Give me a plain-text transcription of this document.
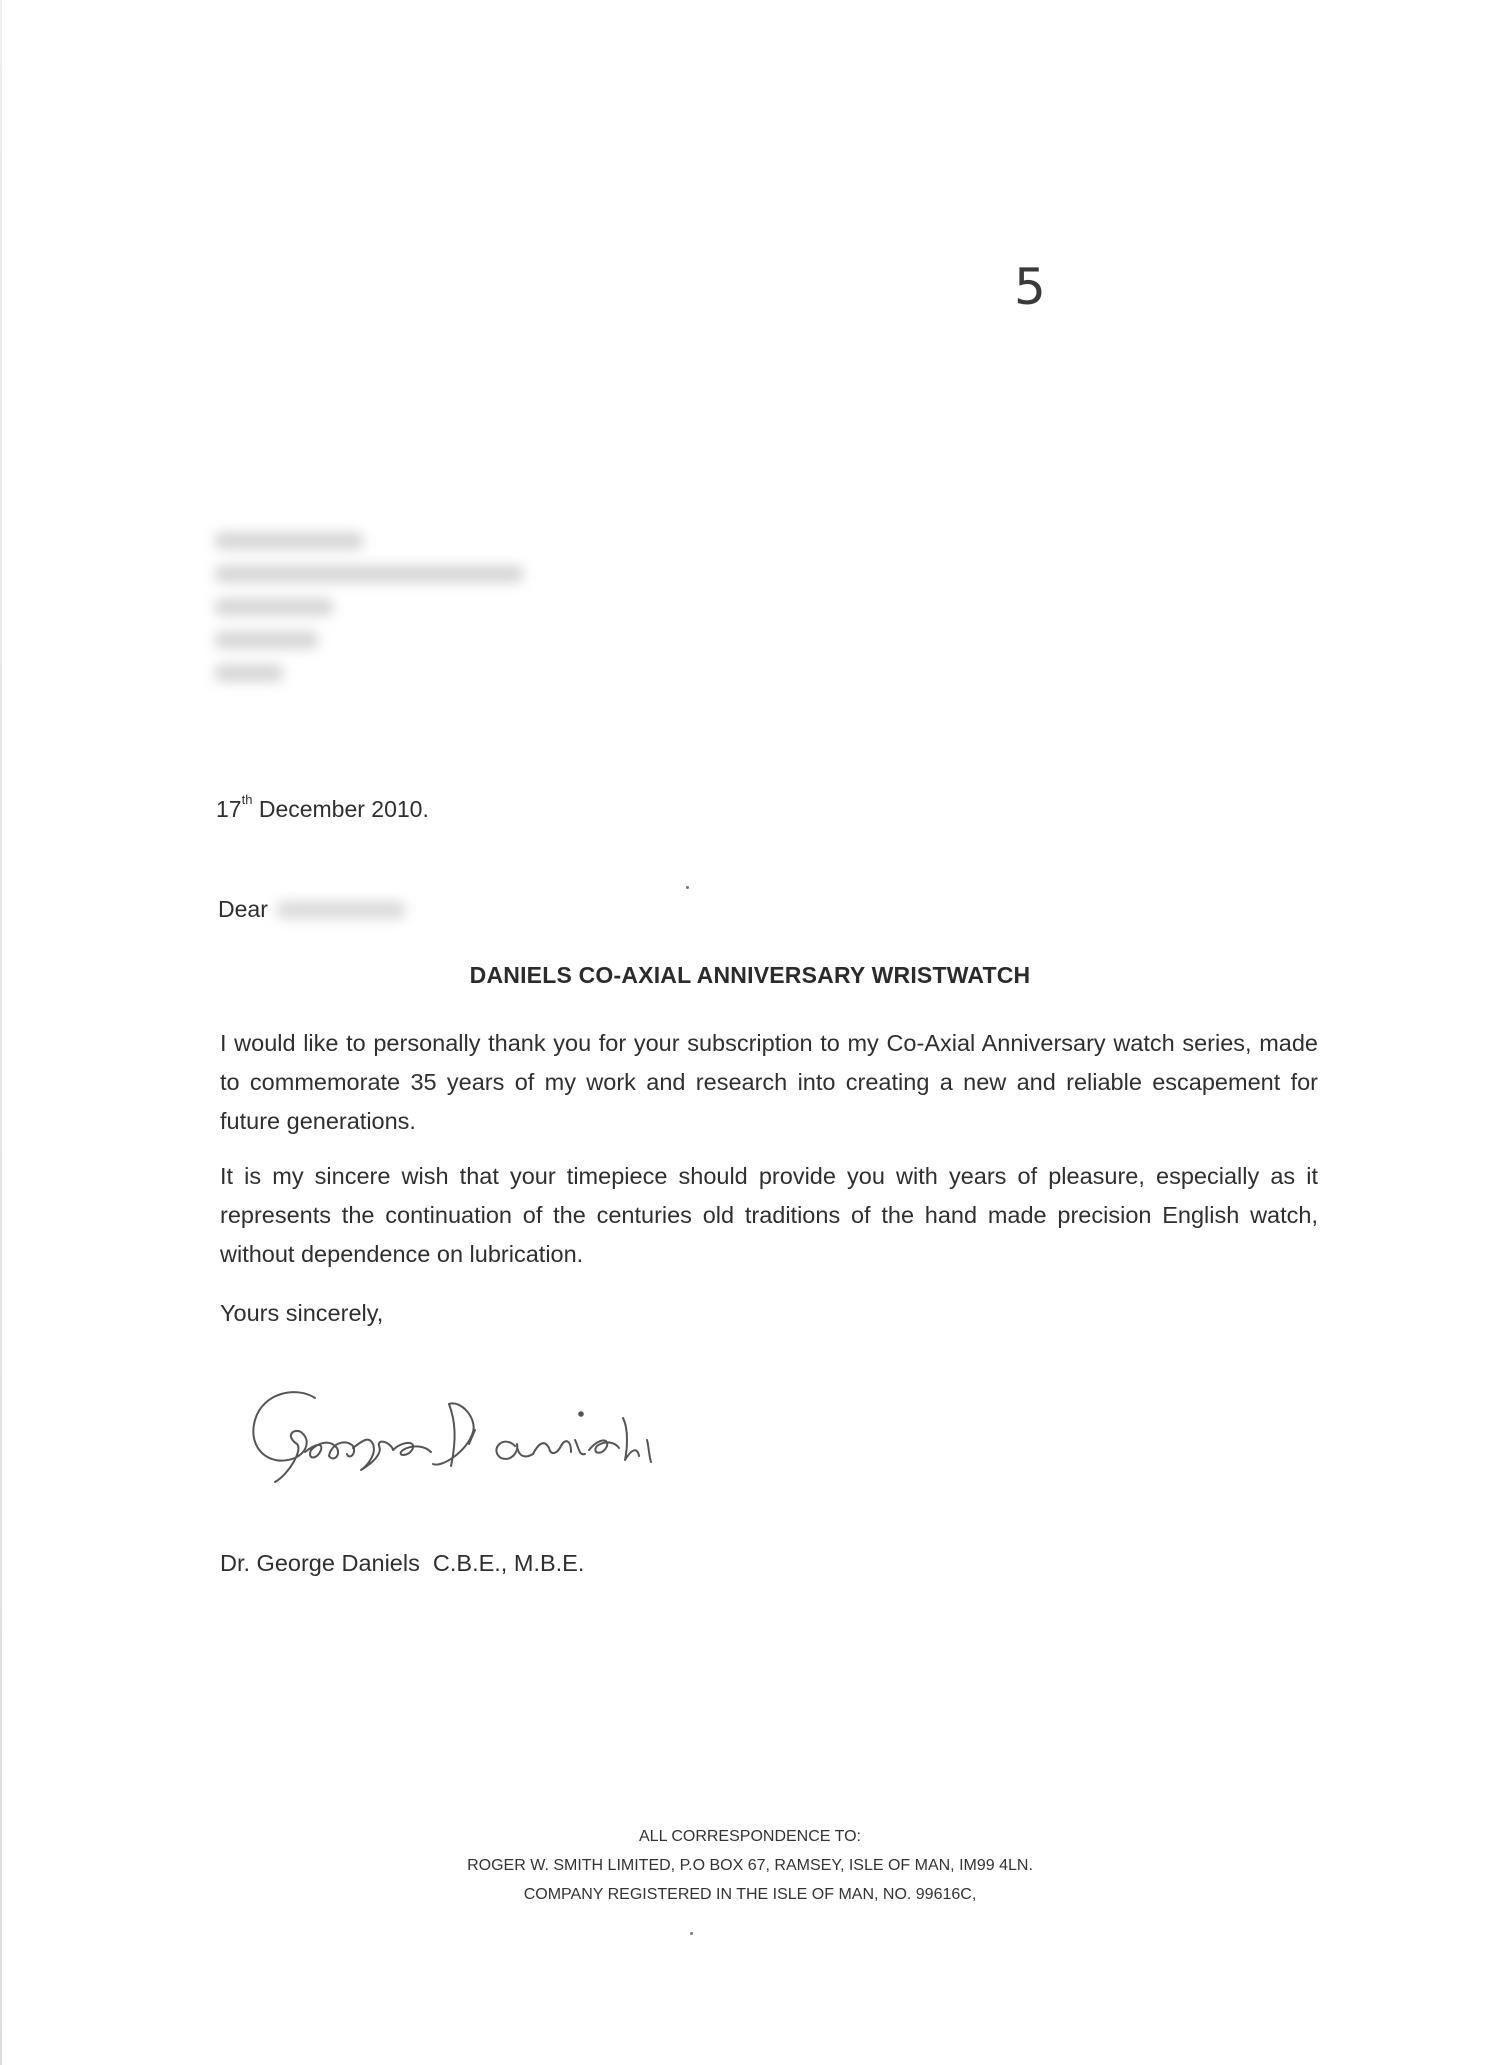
5
17th December 2010.
Dear
DANIELS CO-AXIAL ANNIVERSARY WRISTWATCH

I would like to personally thank you for your subscription to my Co-Axial Anniversary watch series, made to commemorate 35 years of my work and research into creating a new and reliable escapement for future generations.

It is my sincere wish that your timepiece should provide you with years of pleasure, especially as it represents the continuation of the centuries old traditions of the hand made precision English watch, without dependence on lubrication.

Yours sincerely,
Dr. George Daniels  C.B.E., M.B.E.
ALL CORRESPONDENCE TO:
ROGER W. SMITH LIMITED, P.O BOX 67, RAMSEY, ISLE OF MAN, IM99 4LN.
COMPANY REGISTERED IN THE ISLE OF MAN, NO. 99616C,
